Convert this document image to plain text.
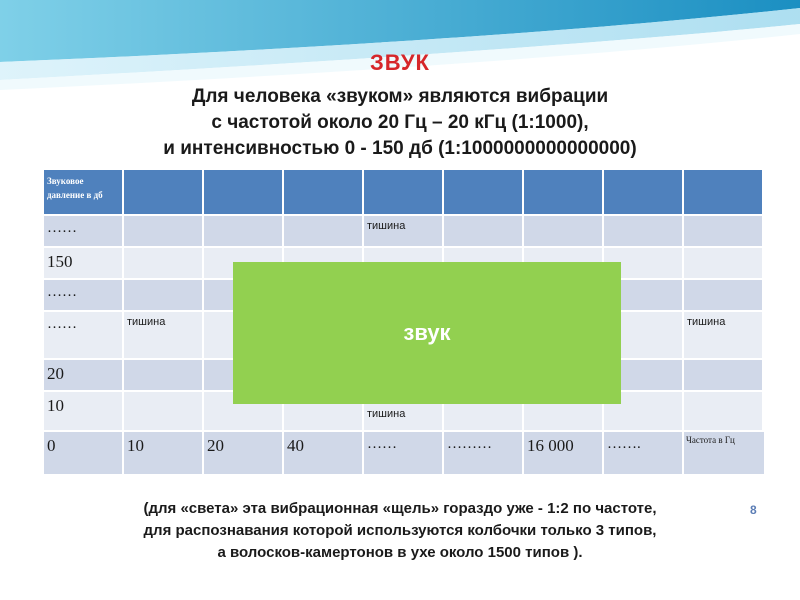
ЗВУК
Для человека «звуком» являются вибрации
с частотой около 20 Гц – 20 кГц (1:1000),
и интенсивностью 0 - 150 дб (1:1000000000000000)
Звуковое давление в дб									

……				тишина					

150									

……									

……	тишина							тишина	

20									

10				тишина					

0	10	20	40	……	………	16 000	…….	Частота в Гц	
звук
(для «света» эта вибрационная «щель» гораздо уже - 1:2 по частоте,
для распознавания которой используются колбочки только 3 типов,
а волосков-камертонов в ухе около 1500 типов ).
8
